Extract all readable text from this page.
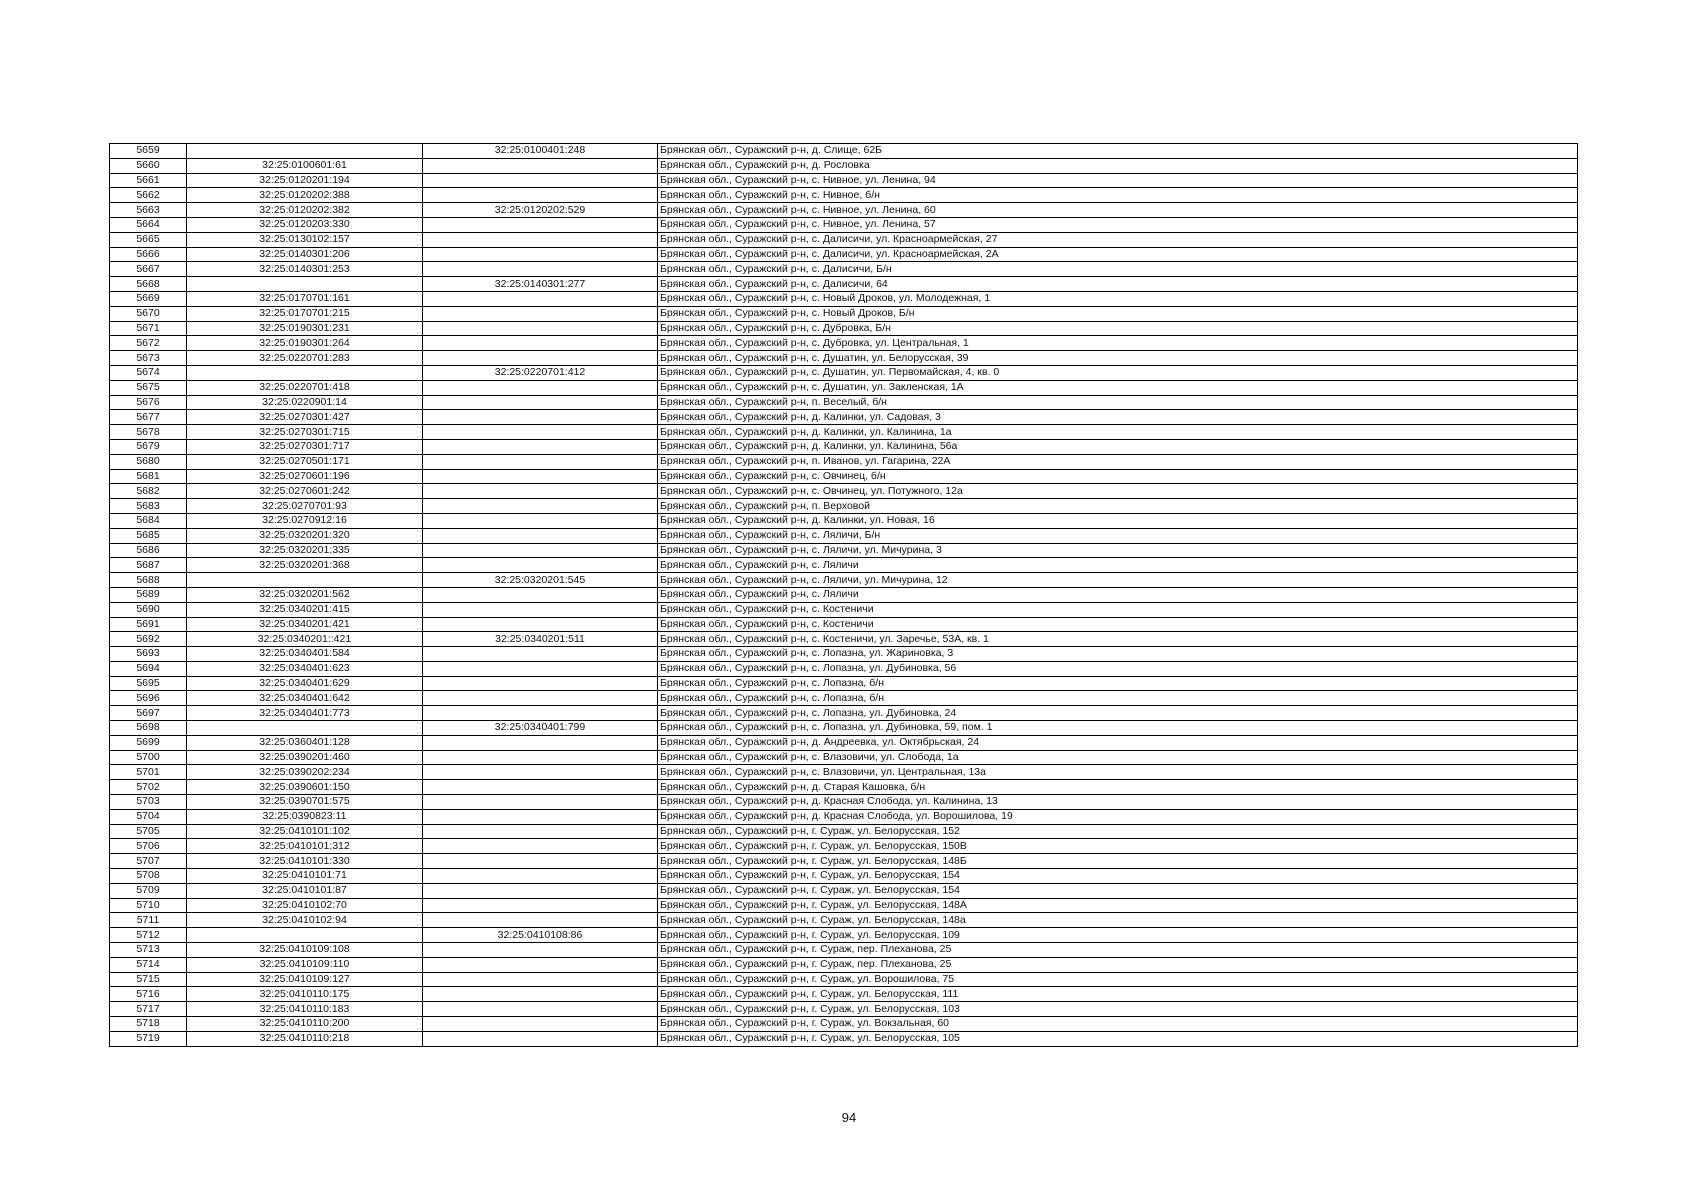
5659		32:25:0100401:248	Брянская обл., Суражский р-н, д. Слище, 62Б
5660	32:25:0100601:61		Брянская обл., Суражский р-н, д. Рословка
5661	32:25:0120201:194		Брянская обл., Суражский р-н, с. Нивное, ул. Ленина, 94
5662	32:25:0120202:388		Брянская обл., Суражский р-н, с. Нивное, б/н
5663	32:25:0120202:382	32:25:0120202:529	Брянская обл., Суражский р-н, с. Нивное, ул. Ленина, 60
5664	32:25:0120203:330		Брянская обл., Суражский р-н, с. Нивное, ул. Ленина, 57
5665	32:25:0130102:157		Брянская обл., Суражский р-н, с. Далисичи, ул. Красноармейская, 27
5666	32:25:0140301:206		Брянская обл., Суражский р-н, с. Далисичи, ул. Красноармейская, 2А
5667	32:25:0140301:253		Брянская обл., Суражский р-н, с. Далисичи, Б/н
5668		32:25:0140301:277	Брянская обл., Суражский р-н, с. Далисичи, 64
5669	32:25:0170701:161		Брянская обл., Суражский р-н, с. Новый Дроков, ул. Молодежная, 1
5670	32:25:0170701:215		Брянская обл., Суражский р-н, с. Новый Дроков, Б/н
5671	32:25:0190301:231		Брянская обл., Суражский р-н, с. Дубровка, Б/н
5672	32:25:0190301:264		Брянская обл., Суражский р-н, с. Дубровка, ул. Центральная, 1
5673	32:25:0220701:283		Брянская обл., Суражский р-н, с. Душатин, ул. Белорусская, 39
5674		32:25:0220701:412	Брянская обл., Суражский р-н, с. Душатин, ул. Первомайская, 4, кв. 0
5675	32:25:0220701:418		Брянская обл., Суражский р-н, с. Душатин, ул. Закленская, 1А
5676	32:25:0220901:14		Брянская обл., Суражский р-н, п. Веселый, б/н
5677	32:25:0270301:427		Брянская обл., Суражский р-н, д. Калинки, ул. Садовая, 3
5678	32:25:0270301:715		Брянская обл., Суражский р-н, д. Калинки, ул. Калинина, 1а
5679	32:25:0270301:717		Брянская обл., Суражский р-н, д. Калинки, ул. Калинина, 56а
5680	32:25:0270501:171		Брянская обл., Суражский р-н, п. Иванов, ул. Гагарина, 22А
5681	32:25:0270601:196		Брянская обл., Суражский р-н, с. Овчинец, б/н
5682	32:25:0270601:242		Брянская обл., Суражский р-н, с. Овчинец, ул. Потужного, 12а
5683	32:25:0270701:93		Брянская обл., Суражский р-н, п. Верховой
5684	32:25:0270912:16		Брянская обл., Суражский р-н, д. Калинки, ул. Новая, 16
5685	32:25:0320201:320		Брянская обл., Суражский р-н, с. Ляличи, Б/н
5686	32:25:0320201:335		Брянская обл., Суражский р-н, с. Ляличи, ул. Мичурина, 3
5687	32:25:0320201:368		Брянская обл., Суражский р-н, с. Ляличи
5688		32:25:0320201:545	Брянская обл., Суражский р-н, с. Ляличи, ул. Мичурина, 12
5689	32:25:0320201:562		Брянская обл., Суражский р-н, с. Ляличи
5690	32:25:0340201:415		Брянская обл., Суражский р-н, с. Костеничи
5691	32:25:0340201:421		Брянская обл., Суражский р-н, с. Костеничи
5692	32:25:0340201::421	32:25:0340201:511	Брянская обл., Суражский р-н, с. Костеничи, ул. Заречье, 53А, кв. 1
5693	32:25:0340401:584		Брянская обл., Суражский р-н, с. Лопазна, ул. Жариновка, 3
5694	32:25:0340401:623		Брянская обл., Суражский р-н, с. Лопазна, ул. Дубиновка, 56
5695	32:25:0340401:629		Брянская обл., Суражский р-н, с. Лопазна, б/н
5696	32:25:0340401:642		Брянская обл., Суражский р-н, с. Лопазна, б/н
5697	32:25:0340401:773		Брянская обл., Суражский р-н, с. Лопазна, ул. Дубиновка, 24
5698		32:25:0340401:799	Брянская обл., Суражский р-н, с. Лопазна, ул. Дубиновка, 59, пом. 1
5699	32:25:0360401:128		Брянская обл., Суражский р-н, д. Андреевка, ул. Октябрьская, 24
5700	32:25:0390201:460		Брянская обл., Суражский р-н, с. Влазовичи, ул. Слобода, 1а
5701	32:25:0390202:234		Брянская обл., Суражский р-н, с. Влазовичи, ул. Центральная, 13а
5702	32:25:0390601:150		Брянская обл., Суражский р-н, д. Старая Кашовка, б/н
5703	32:25:0390701:575		Брянская обл., Суражский р-н, д. Красная Слобода, ул. Калинина, 13
5704	32:25:0390823:11		Брянская обл., Суражский р-н, д. Красная Слобода, ул. Ворошилова, 19
5705	32:25:0410101:102		Брянская обл., Суражский р-н, г. Сураж, ул. Белорусская, 152
5706	32:25:0410101:312		Брянская обл., Суражский р-н, г. Сураж, ул. Белорусская, 150В
5707	32:25:0410101:330		Брянская обл., Суражский р-н, г. Сураж, ул. Белорусская, 148Б
5708	32:25:0410101:71		Брянская обл., Суражский р-н, г. Сураж, ул. Белорусская, 154
5709	32:25:0410101:87		Брянская обл., Суражский р-н, г. Сураж, ул. Белорусская, 154
5710	32:25:0410102:70		Брянская обл., Суражский р-н, г. Сураж, ул. Белорусская, 148А
5711	32:25:0410102:94		Брянская обл., Суражский р-н, г. Сураж, ул. Белорусская, 148а
5712		32:25:0410108:86	Брянская обл., Суражский р-н, г. Сураж, ул. Белорусская, 109
5713	32:25:0410109:108		Брянская обл., Суражский р-н, г. Сураж, пер. Плеханова, 25
5714	32:25:0410109:110		Брянская обл., Суражский р-н, г. Сураж, пер. Плеханова, 25
5715	32:25:0410109:127		Брянская обл., Суражский р-н, г. Сураж, ул. Ворошилова, 75
5716	32:25:0410110:175		Брянская обл., Суражский р-н, г. Сураж, ул. Белорусская, 111
5717	32:25:0410110:183		Брянская обл., Суражский р-н, г. Сураж, ул. Белорусская, 103
5718	32:25:0410110:200		Брянская обл., Суражский р-н, г. Сураж, ул. Вокзальная, 60
5719	32:25:0410110:218		Брянская обл., Суражский р-н, г. Сураж, ул. Белорусская, 105
94
